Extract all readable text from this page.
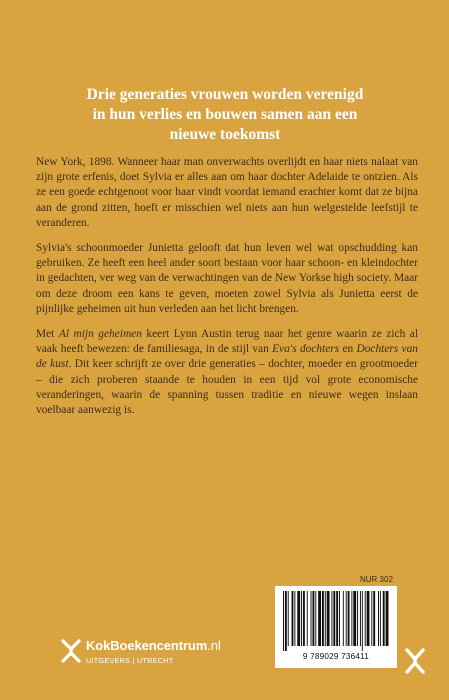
Drie generaties vrouwen worden verenigd
in hun verlies en bouwen samen aan een
nieuwe toekomst

New York, 1898. Wanneer haar man onverwachts overlijdt en haar niets nalaat van zijn grote erfenis, doet Sylvia er alles aan om haar dochter Adelaide te ontzien. Als ze een goede echtgenoot voor haar vindt voordat iemand erachter komt dat ze bijna aan de grond zitten, hoeft er misschien wel niets aan hun welgestelde leefstijl te veranderen.

Sylvia's schoonmoeder Junietta gelooft dat hun leven wel wat opschudding kan gebruiken. Ze heeft een heel ander soort bestaan voor haar schoon- en kleindochter in gedachten, ver weg van de verwachtingen van de New Yorkse high society. Maar om deze droom een kans te geven, moeten zowel Sylvia als Junietta eerst de pijnlijke geheimen uit hun verleden aan het licht brengen.

Met Al mijn geheimen keert Lynn Austin terug naar het genre waarin ze zich al vaak heeft bewezen: de familiesaga, in de stijl van Eva's dochters en Dochters van de kust. Dit keer schrijft ze over drie generaties – dochter, moeder en grootmoeder – die zich proberen staande te houden in een tijd vol grote economische veranderingen, waarin de spanning tussen traditie en nieuwe wegen inslaan voelbaar aanwezig is.

NUR 302
9 789029 736411
KokBoekencentrum.nl
UITGEVERS | UTRECHT
